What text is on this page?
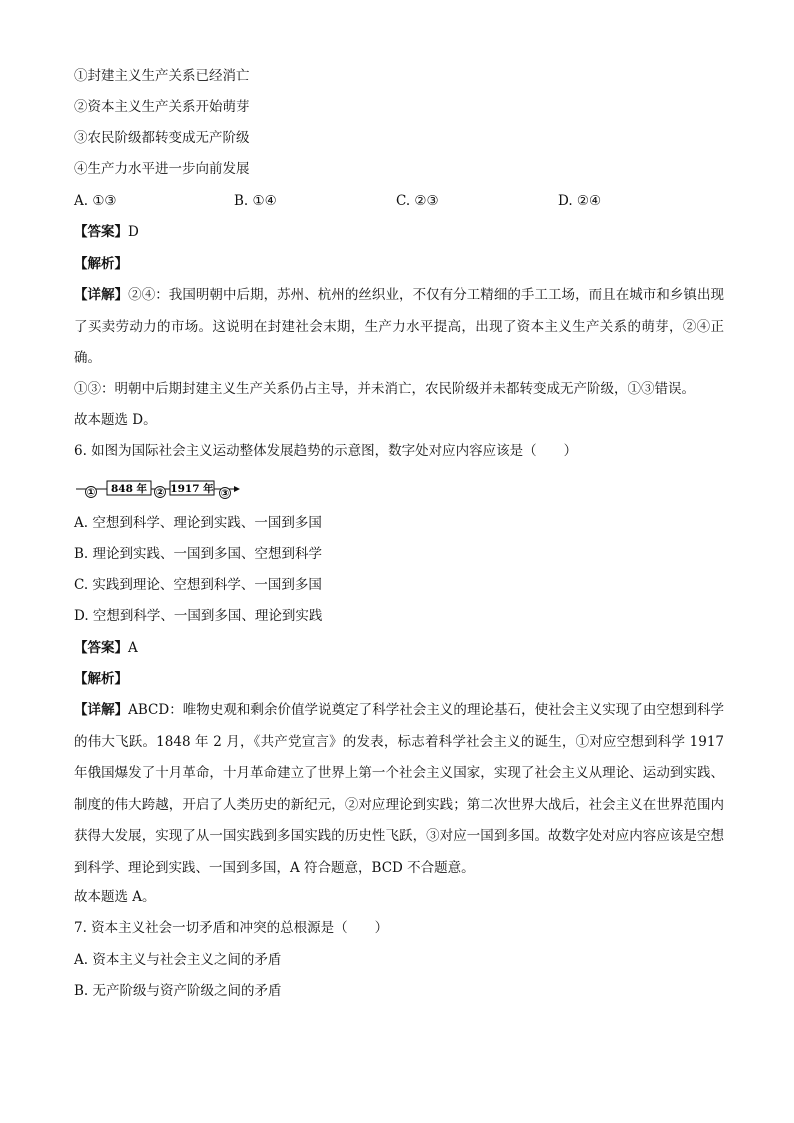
①封建主义生产关系已经消亡
②资本主义生产关系开始萌芽
③农民阶级都转变成无产阶级
④生产力水平进一步向前发展
A. ①③	B. ①④	C. ②③	D. ②④
【答案】D
【解析】
【详解】②④：我国明朝中后期，苏州、杭州的丝织业，不仅有分工精细的手工工场，而且在城市和乡镇出现了买卖劳动力的市场。这说明在封建社会末期，生产力水平提高，出现了资本主义生产关系的萌芽，②④正确。
①③：明朝中后期封建主义生产关系仍占主导，并未消亡，农民阶级并未都转变成无产阶级，①③错误。
故本题选 D。
6. 如图为国际社会主义运动整体发展趋势的示意图，数字处对应内容应该是（　　）
① 848 年 ② 1917 年 ③
A. 空想到科学、理论到实践、一国到多国
B. 理论到实践、一国到多国、空想到科学
C. 实践到理论、空想到科学、一国到多国
D. 空想到科学、一国到多国、理论到实践
【答案】A
【解析】
【详解】ABCD：唯物史观和剩余价值学说奠定了科学社会主义的理论基石，使社会主义实现了由空想到科学的伟大飞跃。1848 年 2 月，《共产党宣言》的发表，标志着科学社会主义的诞生，①对应空想到科学 1917 年俄国爆发了十月革命，十月革命建立了世界上第一个社会主义国家，实现了社会主义从理论、运动到实践、制度的伟大跨越，开启了人类历史的新纪元，②对应理论到实践；第二次世界大战后，社会主义在世界范围内获得大发展，实现了从一国实践到多国实践的历史性飞跃，③对应一国到多国。故数字处对应内容应该是空想到科学、理论到实践、一国到多国，A 符合题意，BCD 不合题意。
故本题选 A。
7. 资本主义社会一切矛盾和冲突的总根源是（　　）
A. 资本主义与社会主义之间的矛盾
B. 无产阶级与资产阶级之间的矛盾
